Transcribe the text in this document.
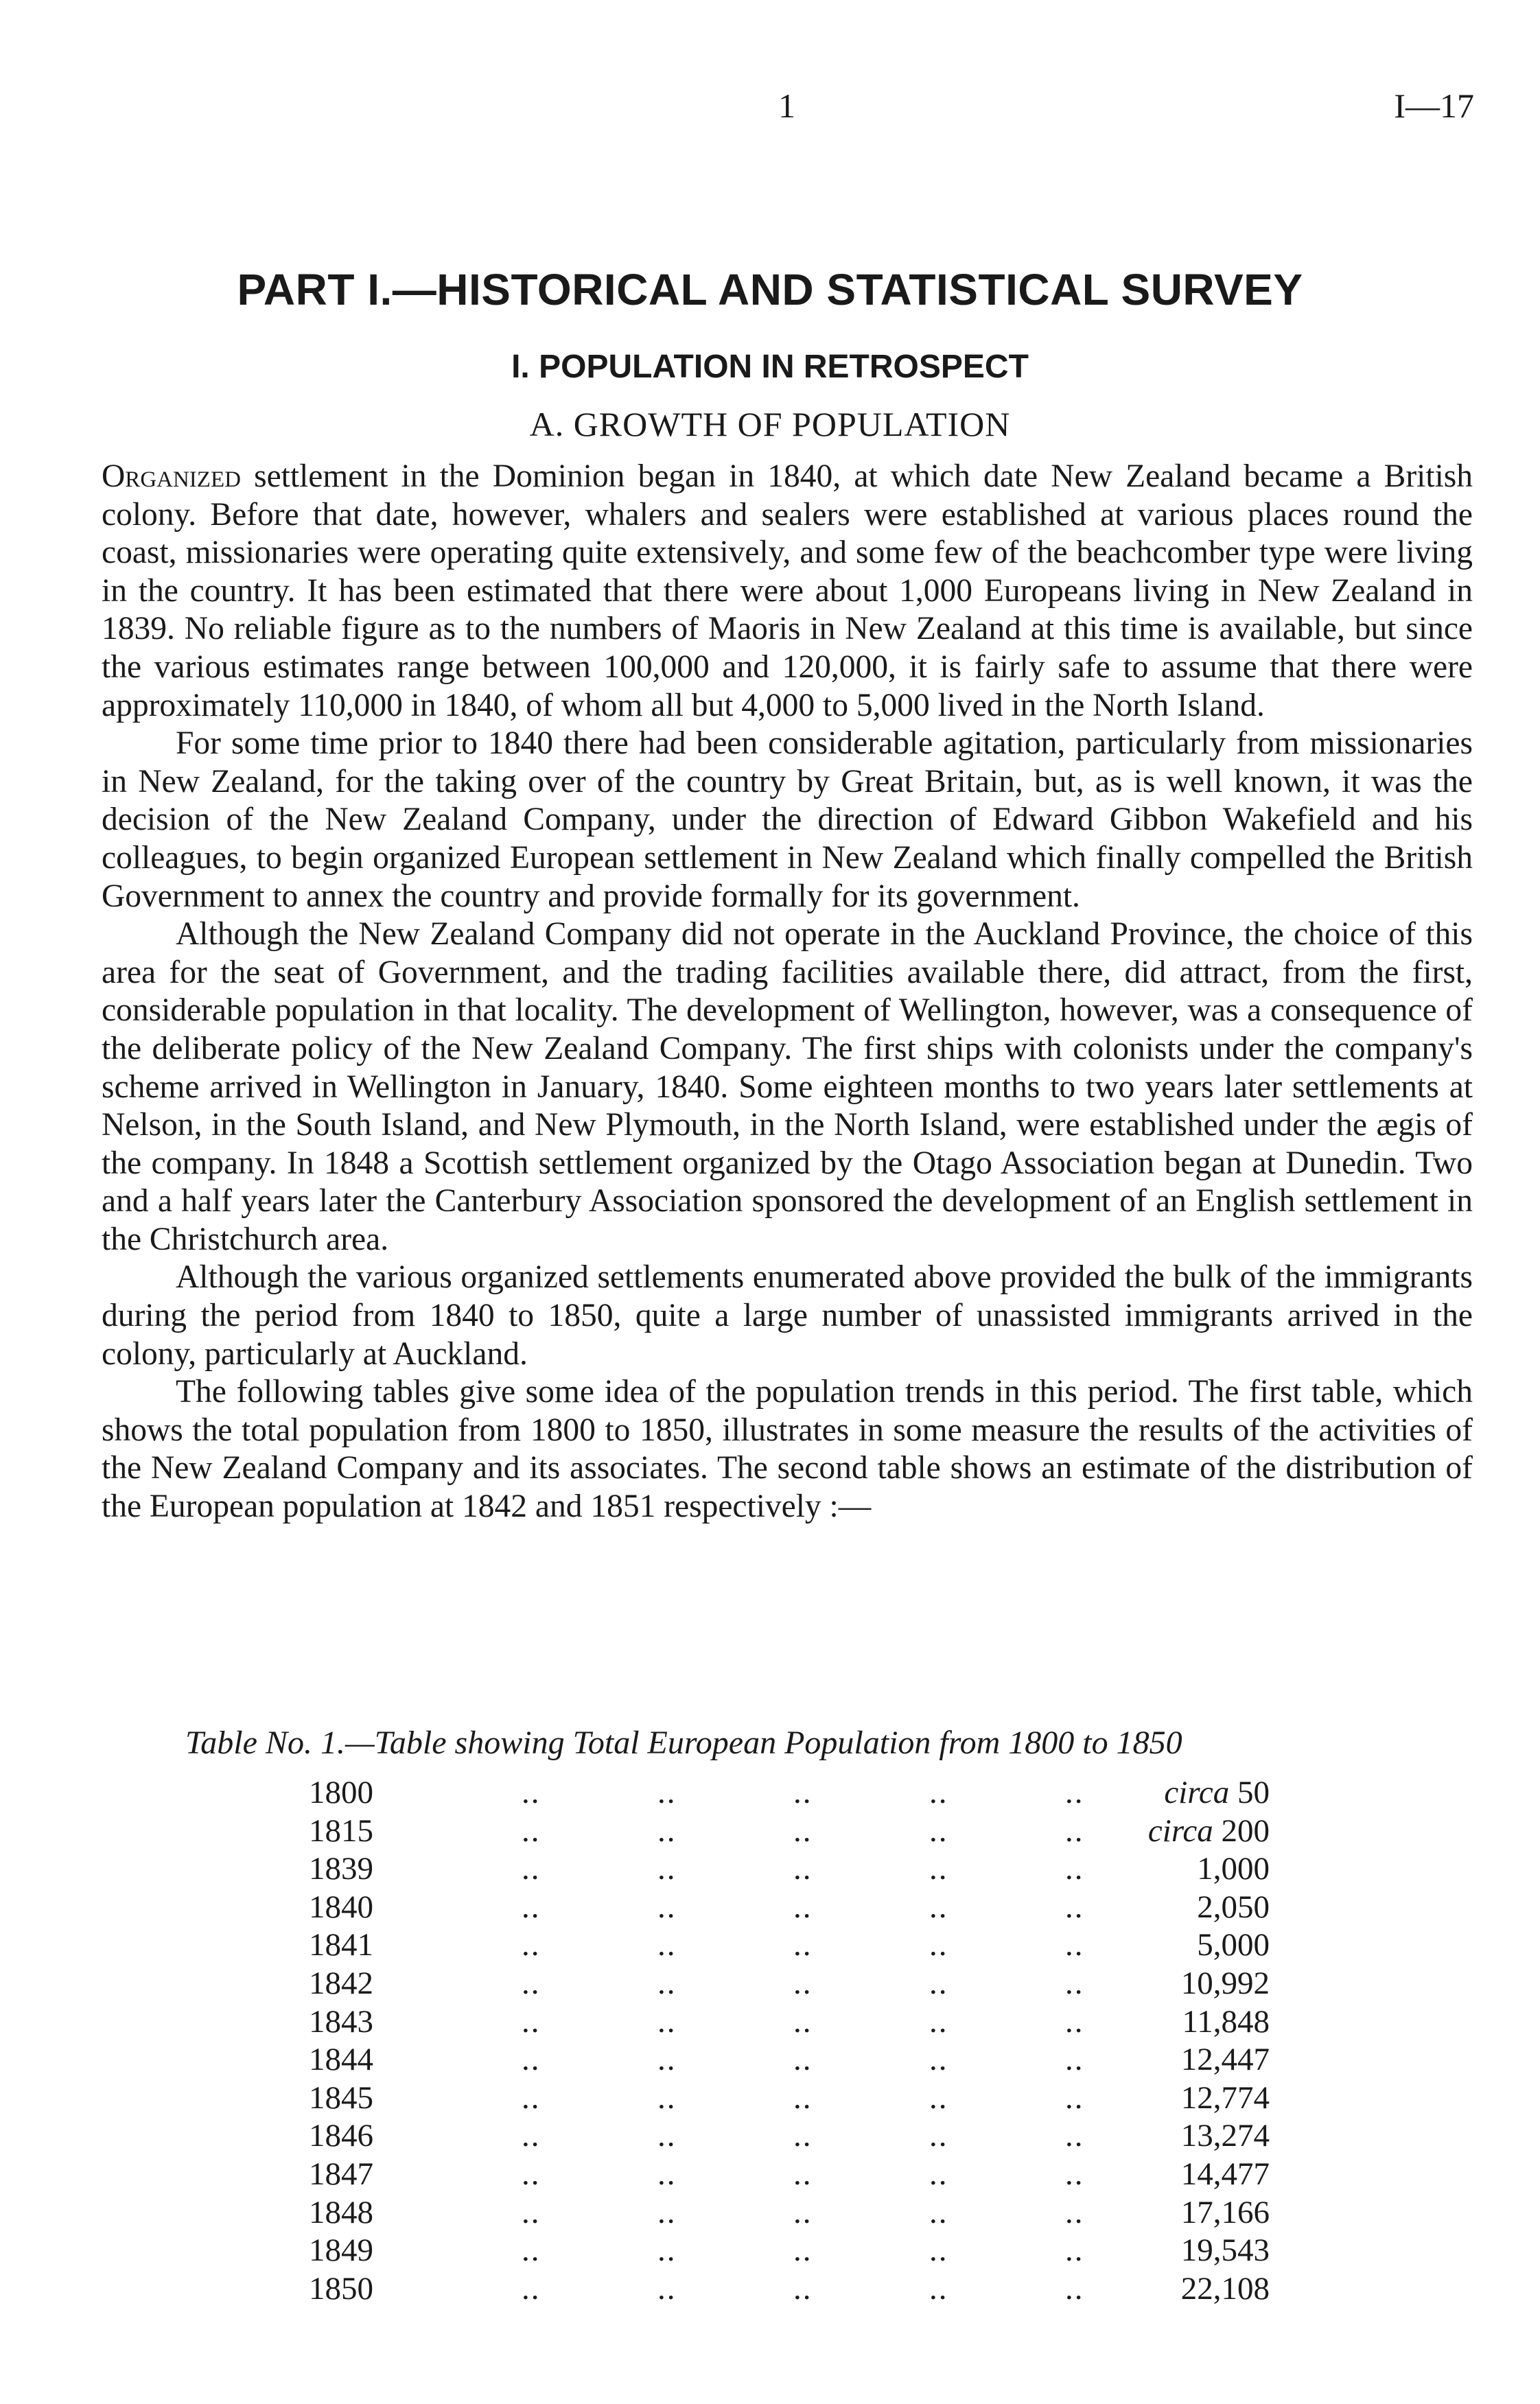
1	I—17
PART I.—HISTORICAL AND STATISTICAL SURVEY
I. POPULATION IN RETROSPECT
A. GROWTH OF POPULATION

Organized settlement in the Dominion began in 1840, at which date New Zealand became a British colony. Before that date, however, whalers and sealers were established at various places round the coast, missionaries were operating quite extensively, and some few of the beachcomber type were living in the country. It has been estimated that there were about 1,000 Europeans living in New Zealand in 1839. No reliable figure as to the numbers of Maoris in New Zealand at this time is available, but since the various estimates range between 100,000 and 120,000, it is fairly safe to assume that there were approximately 110,000 in 1840, of whom all but 4,000 to 5,000 lived in the North Island.

For some time prior to 1840 there had been considerable agitation, particularly from missionaries in New Zealand, for the taking over of the country by Great Britain, but, as is well known, it was the decision of the New Zealand Company, under the direction of Edward Gibbon Wakefield and his colleagues, to begin organized European settlement in New Zealand which finally compelled the British Government to annex the country and provide formally for its government.

Although the New Zealand Company did not operate in the Auckland Province, the choice of this area for the seat of Government, and the trading facilities available there, did attract, from the first, considerable population in that locality. The development of Wellington, however, was a consequence of the deliberate policy of the New Zealand Company. The first ships with colonists under the company's scheme arrived in Wellington in January, 1840. Some eighteen months to two years later settlements at Nelson, in the South Island, and New Plymouth, in the North Island, were established under the ægis of the company. In 1848 a Scottish settlement organized by the Otago Association began at Dunedin. Two and a half years later the Canterbury Association sponsored the development of an English settlement in the Christchurch area.

Although the various organized settlements enumerated above provided the bulk of the immigrants during the period from 1840 to 1850, quite a large number of unassisted immigrants arrived in the colony, particularly at Auckland.

The following tables give some idea of the population trends in this period. The first table, which shows the total population from 1800 to 1850, illustrates in some measure the results of the activities of the New Zealand Company and its associates. The second table shows an estimate of the distribution of the European population at 1842 and 1851 respectively :—

Table No. 1.—Table showing Total European Population from 1800 to 1850
1800	..	..	..	..	..	circa 50
1815	..	..	..	..	..	circa 200
1839	..	..	..	..	..	1,000
1840	..	..	..	..	..	2,050
1841	..	..	..	..	..	5,000
1842	..	..	..	..	..	10,992
1843	..	..	..	..	..	11,848
1844	..	..	..	..	..	12,447
1845	..	..	..	..	..	12,774
1846	..	..	..	..	..	13,274
1847	..	..	..	..	..	14,477
1848	..	..	..	..	..	17,166
1849	..	..	..	..	..	19,543
1850	..	..	..	..	..	22,108
